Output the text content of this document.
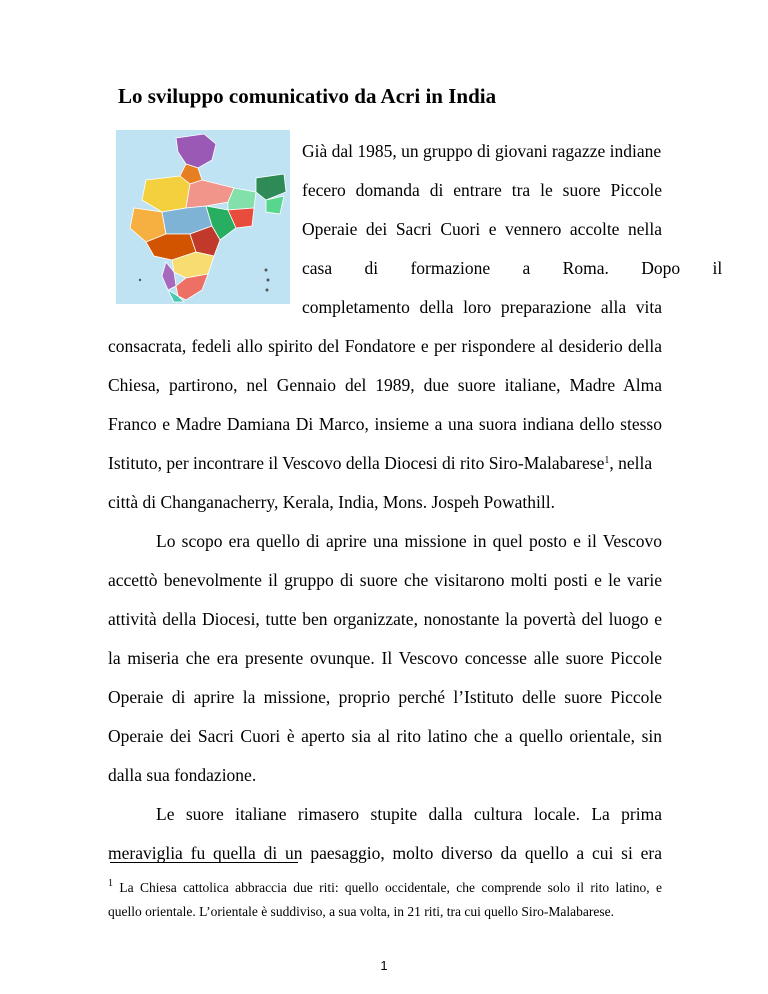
Lo sviluppo comunicativo da Acri in India
Già dal 1985, un gruppo di giovani ragazze indiane
fecero domanda di entrare tra le suore Piccole
Operaie dei Sacri Cuori e vennero accolte nella
casa di formazione a Roma. Dopo il
completamento della loro preparazione alla vita
consacrata, fedeli allo spirito del Fondatore e per rispondere al desiderio della
Chiesa, partirono, nel Gennaio del 1989, due suore italiane, Madre Alma
Franco e Madre Damiana Di Marco, insieme a una suora indiana dello stesso
Istituto, per incontrare il Vescovo della Diocesi di rito Siro-Malabarese$^1$, nella
città di Changanacherry, Kerala, India, Mons. Jospeh Powathill.
Lo scopo era quello di aprire una missione in quel posto e il Vescovo
accettò benevolmente il gruppo di suore che visitarono molti posti e le varie
attività della Diocesi, tutte ben organizzate, nonostante la povertà del luogo e
la miseria che era presente ovunque. Il Vescovo concesse alle suore Piccole
Operaie di aprire la missione, proprio perché l’Istituto delle suore Piccole
Operaie dei Sacri Cuori è aperto sia al rito latino che a quello orientale, sin
dalla sua fondazione.
Le suore italiane rimasero stupite dalla cultura locale. La prima
meraviglia fu quella di un paesaggio, molto diverso da quello a cui si era
$^1$ La Chiesa cattolica abbraccia due riti: quello occidentale, che comprende solo il rito latino, e
quello orientale. L’orientale è suddiviso, a sua volta, in 21 riti, tra cui quello Siro-Malabarese.
1
